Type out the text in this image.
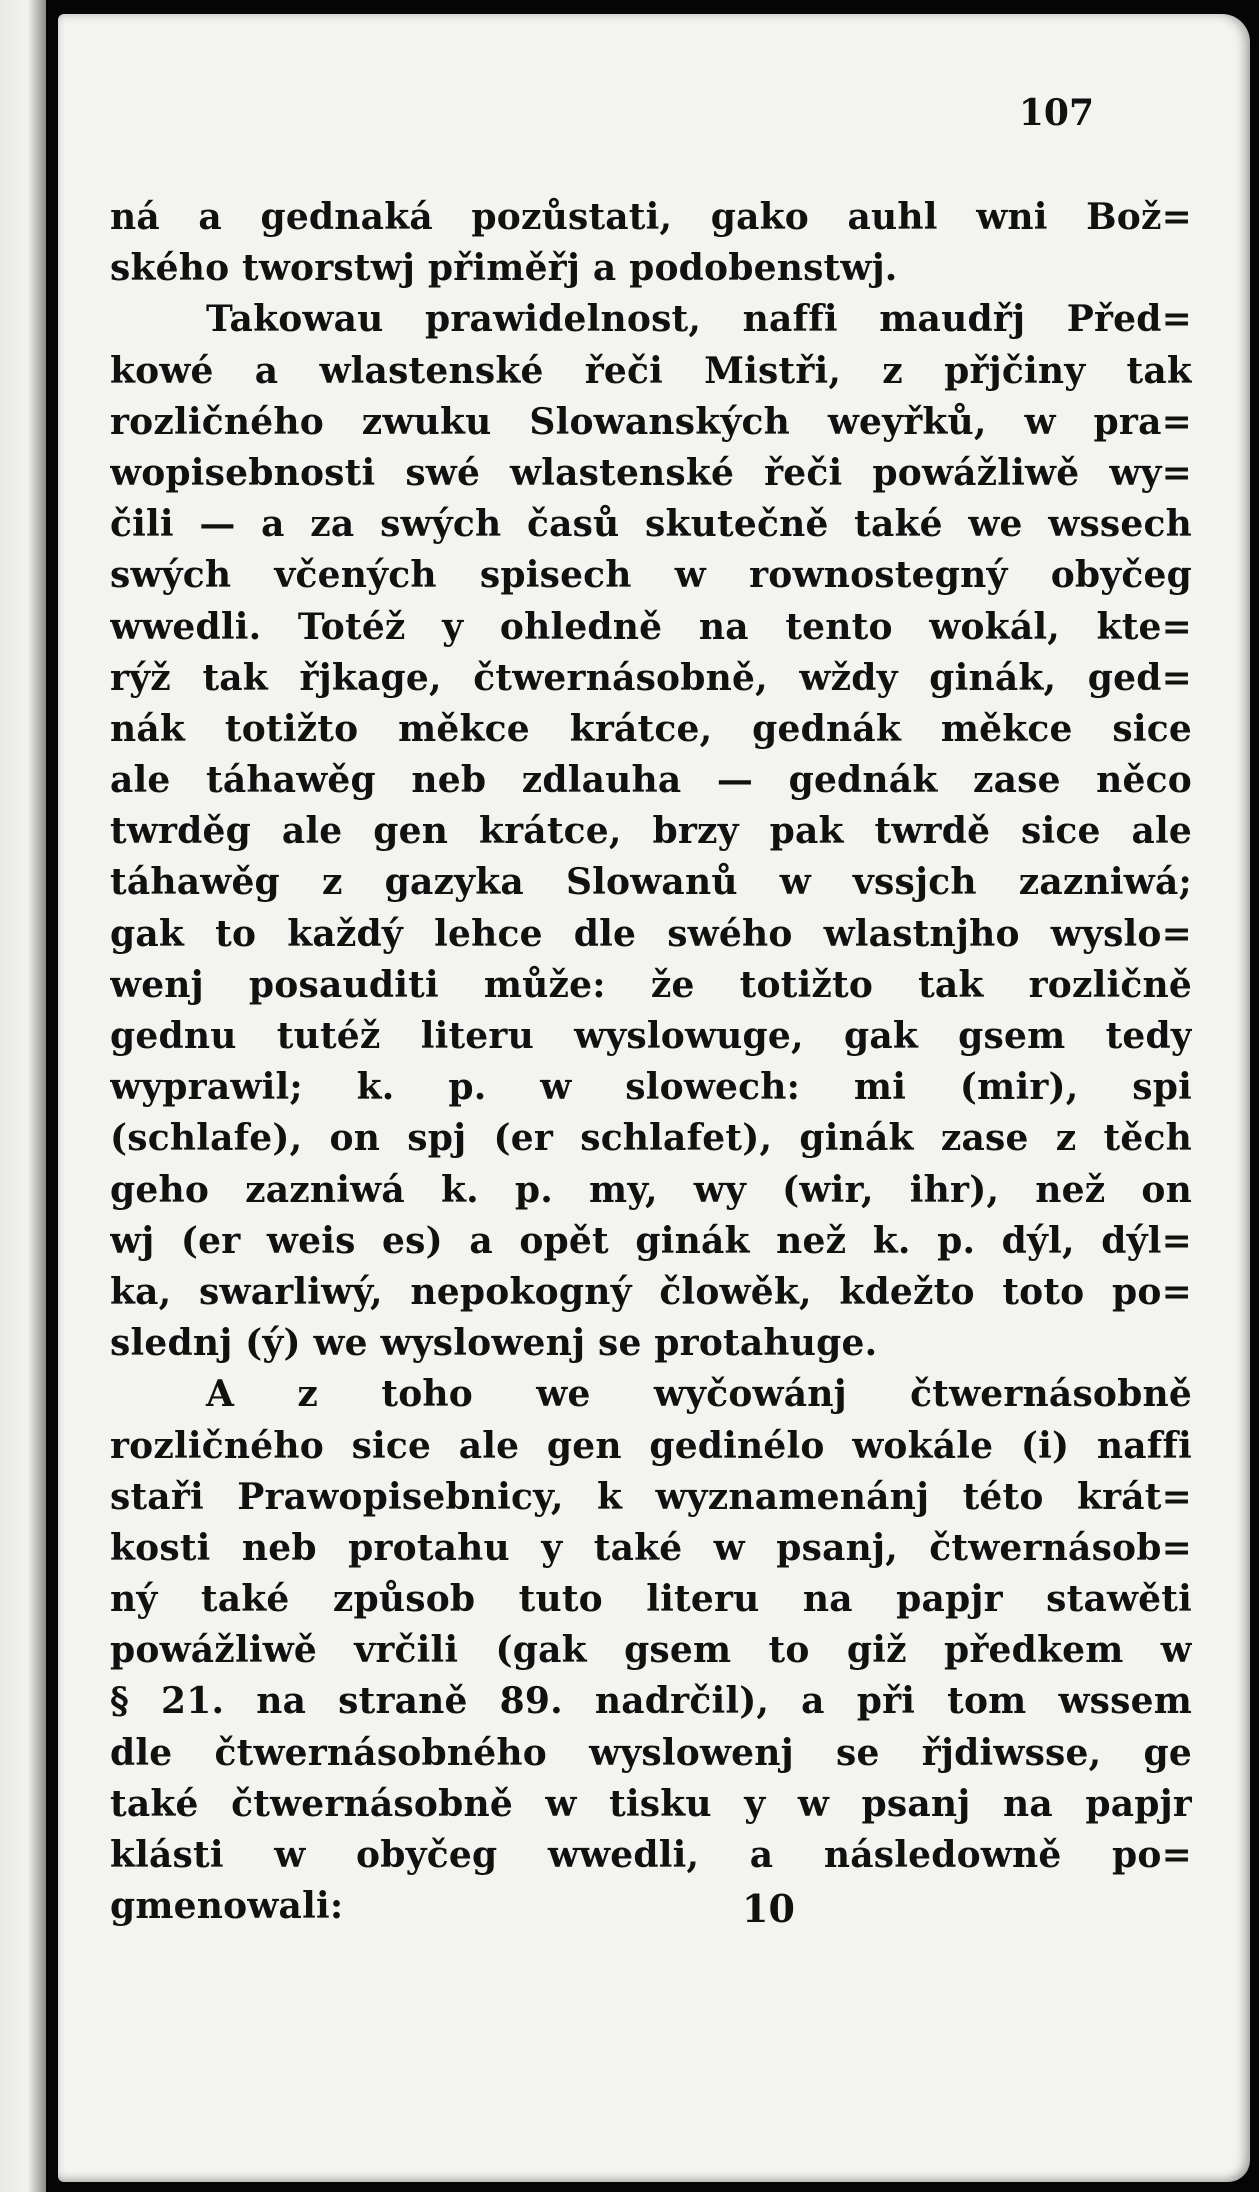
107
ná a gednaká pozůstati, gako auhl wni Bož=
ského tworstwj přiměřj a podobenstwj.
Takowau prawidelnost, naffi maudřj Před=
kowé a wlastenské řeči Mistři, z přjčiny tak
rozličného zwuku Slowanských weyřků, w pra=
wopisebnosti swé wlastenské řeči powážliwě wy=
čili — a za swých časů skutečně také we wssech
swých včených spisech w rownostegný obyčeg
wwedli. Totéž y ohledně na tento wokál, kte=
rýž tak řjkage, čtwernásobně, wždy ginák, ged=
nák totižto měkce krátce, gednák měkce sice
ale táhawěg neb zdlauha — gednák zase něco
twrděg ale gen krátce, brzy pak twrdě sice ale
táhawěg z gazyka Slowanů w vssjch zazniwá;
gak to každý lehce dle swého wlastnjho wyslo=
wenj posauditi může: že totižto tak rozličně
gednu tutéž literu wyslowuge, gak gsem tedy
wyprawil; k. p. w slowech: mi (mir), spi
(schlafe), on spj (er schlafet), ginák zase z těch
geho zazniwá k. p. my, wy (wir, ihr), než on
wj (er weis es) a opět ginák než k. p. dýl, dýl=
ka, swarliwý, nepokogný člowěk, kdežto toto po=
slednj (ý) we wyslowenj se protahuge.
A z toho we wyčowánj čtwernásobně
rozličného sice ale gen gedinélo wokále (i) naffi
staři Prawopisebnicy, k wyznamenánj této krát=
kosti neb protahu y také w psanj, čtwernásob=
ný také způsob tuto literu na papjr stawěti
powážliwě vrčili (gak gsem to giž předkem w
§ 21. na straně 89. nadrčil), a při tom wssem
dle čtwernásobného wyslowenj se řjdiwsse, ge
také čtwernásobně w tisku y w psanj na papjr
klásti w obyčeg wwedli, a následowně po=
gmenowali:	10
